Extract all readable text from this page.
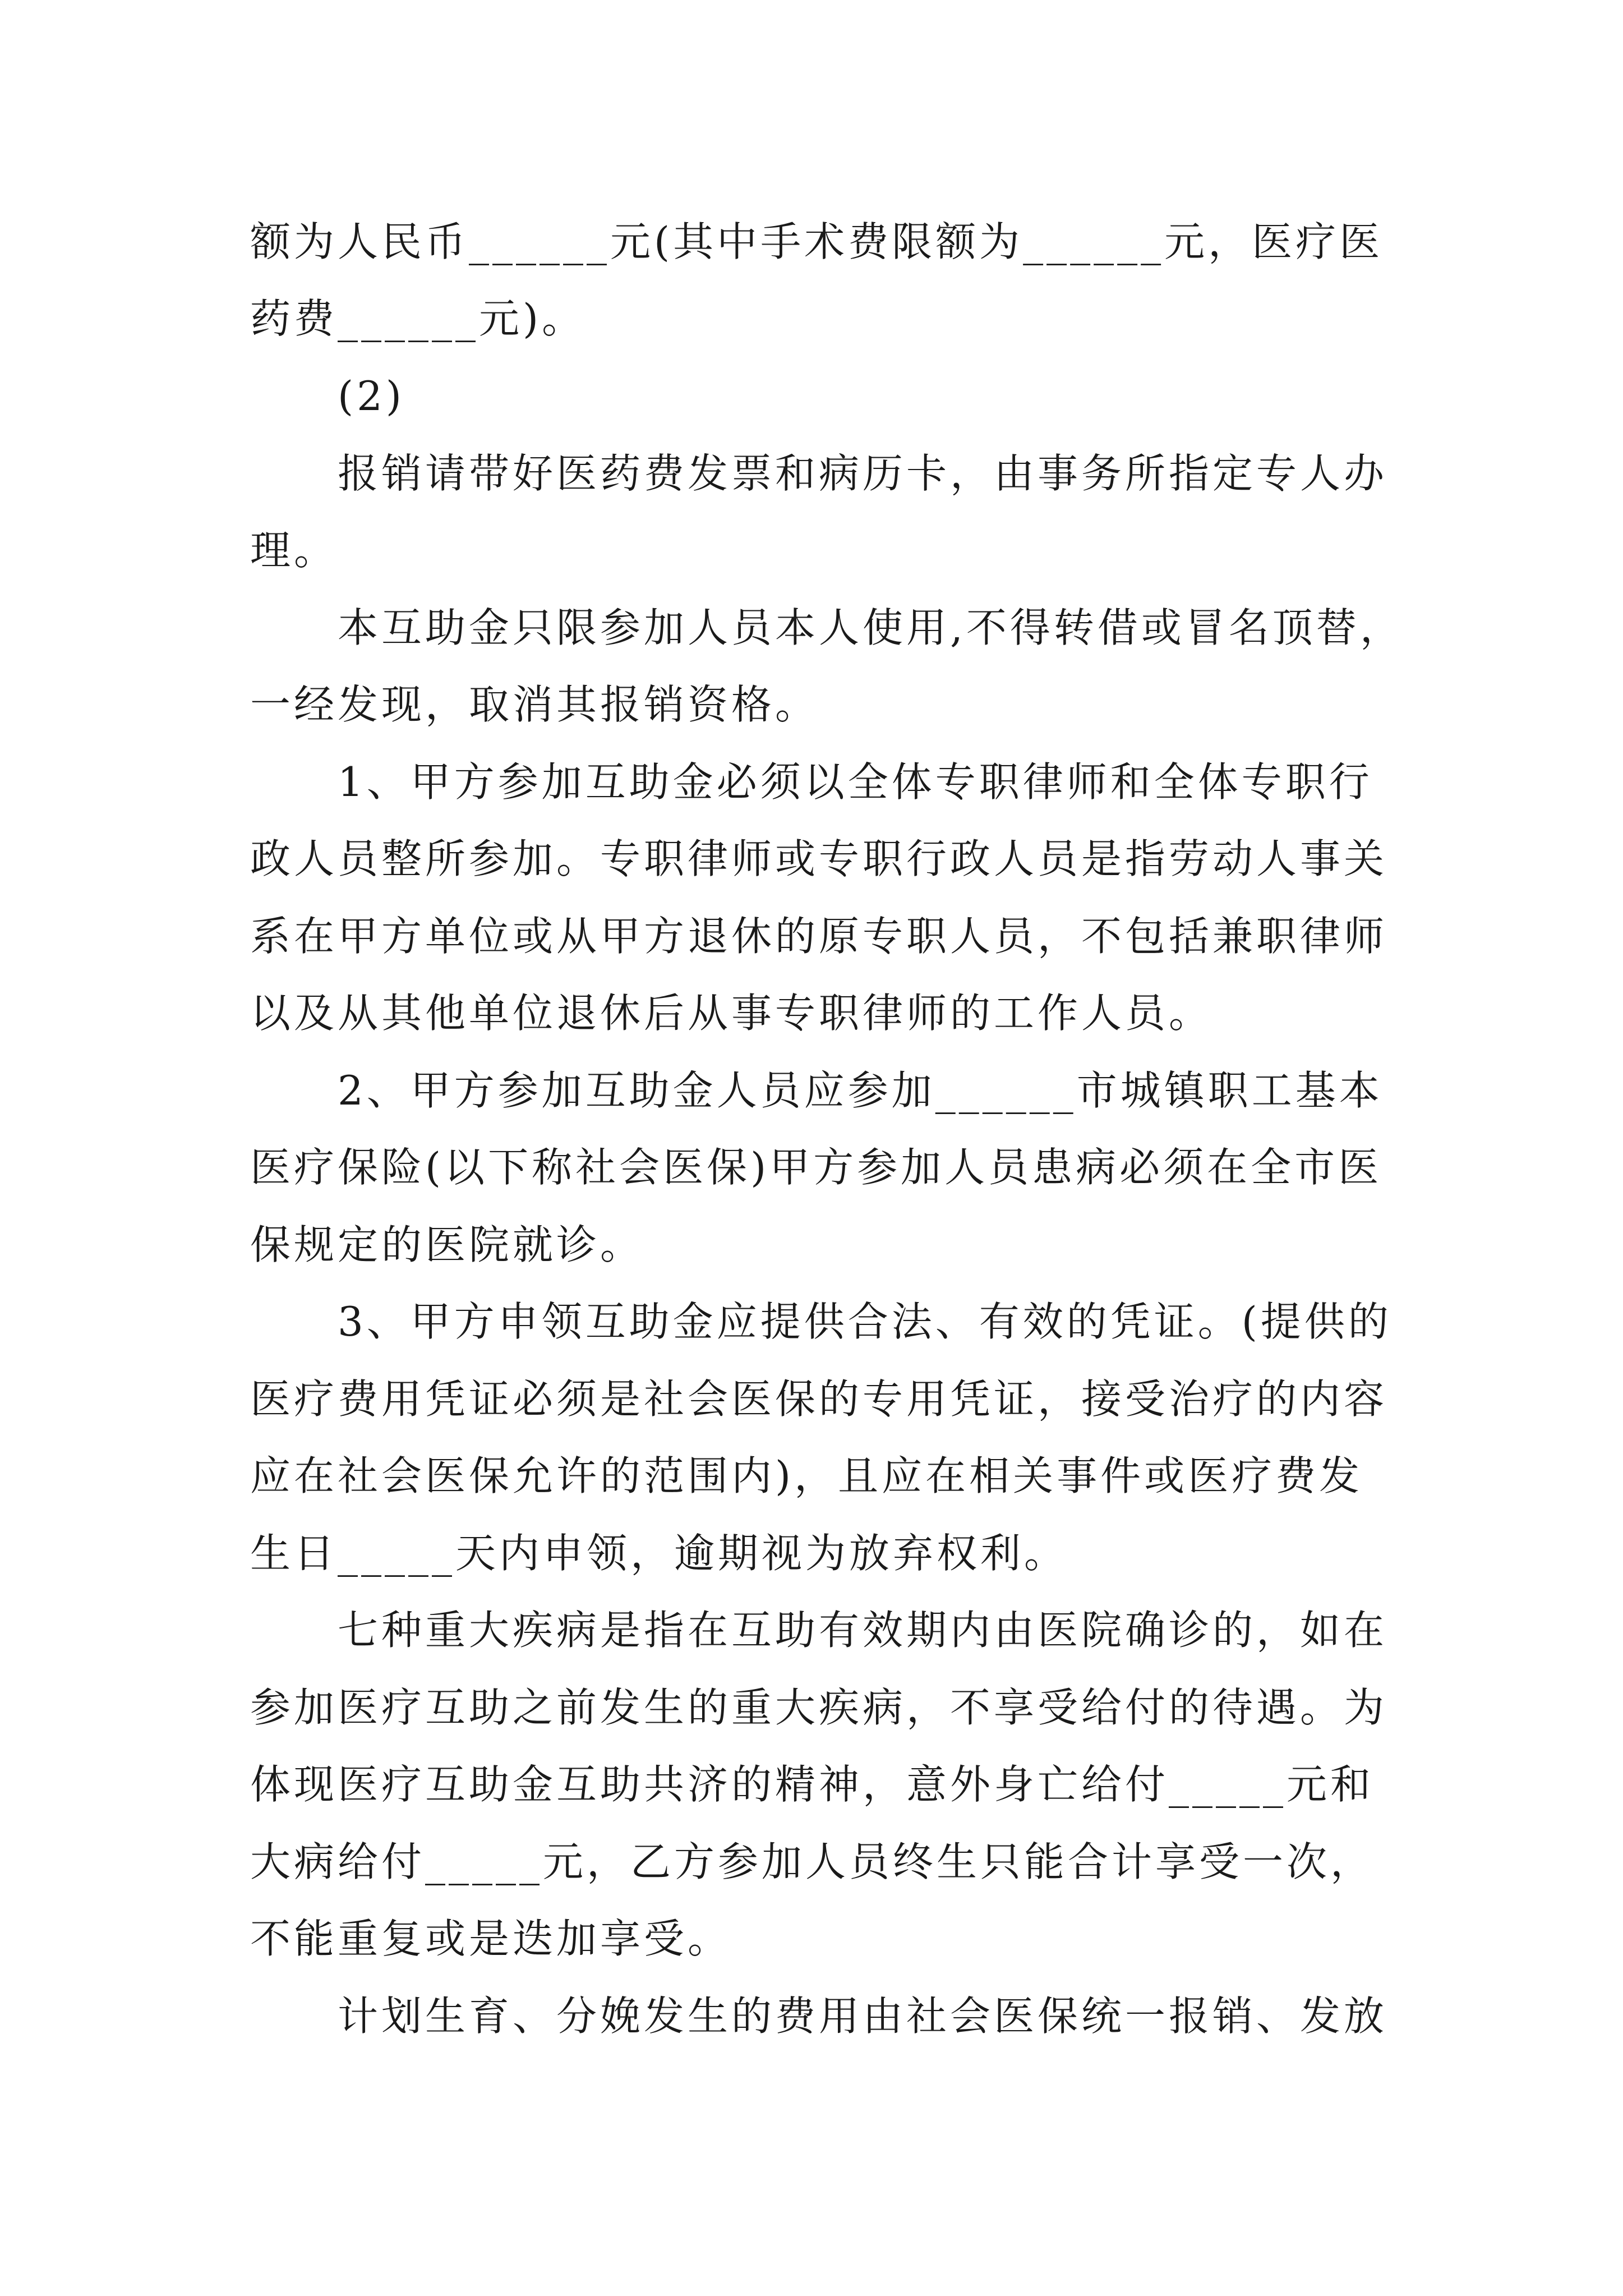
额为人民币______元(其中手术费限额为______元，医疗医
药费______元)。
(2)
报销请带好医药费发票和病历卡，由事务所指定专人办
理。
本互助金只限参加人员本人使用,不得转借或冒名顶替，
一经发现，取消其报销资格。
1、甲方参加互助金必须以全体专职律师和全体专职行
政人员整所参加。专职律师或专职行政人员是指劳动人事关
系在甲方单位或从甲方退休的原专职人员，不包括兼职律师
以及从其他单位退休后从事专职律师的工作人员。
2、甲方参加互助金人员应参加______市城镇职工基本
医疗保险(以下称社会医保)甲方参加人员患病必须在全市医
保规定的医院就诊。
3、甲方申领互助金应提供合法、有效的凭证。(提供的
医疗费用凭证必须是社会医保的专用凭证，接受治疗的内容
应在社会医保允许的范围内)，且应在相关事件或医疗费发
生日_____天内申领，逾期视为放弃权利。
七种重大疾病是指在互助有效期内由医院确诊的，如在
参加医疗互助之前发生的重大疾病，不享受给付的待遇。为
体现医疗互助金互助共济的精神，意外身亡给付_____元和
大病给付_____元，乙方参加人员终生只能合计享受一次，
不能重复或是迭加享受。
计划生育、分娩发生的费用由社会医保统一报销、发放
